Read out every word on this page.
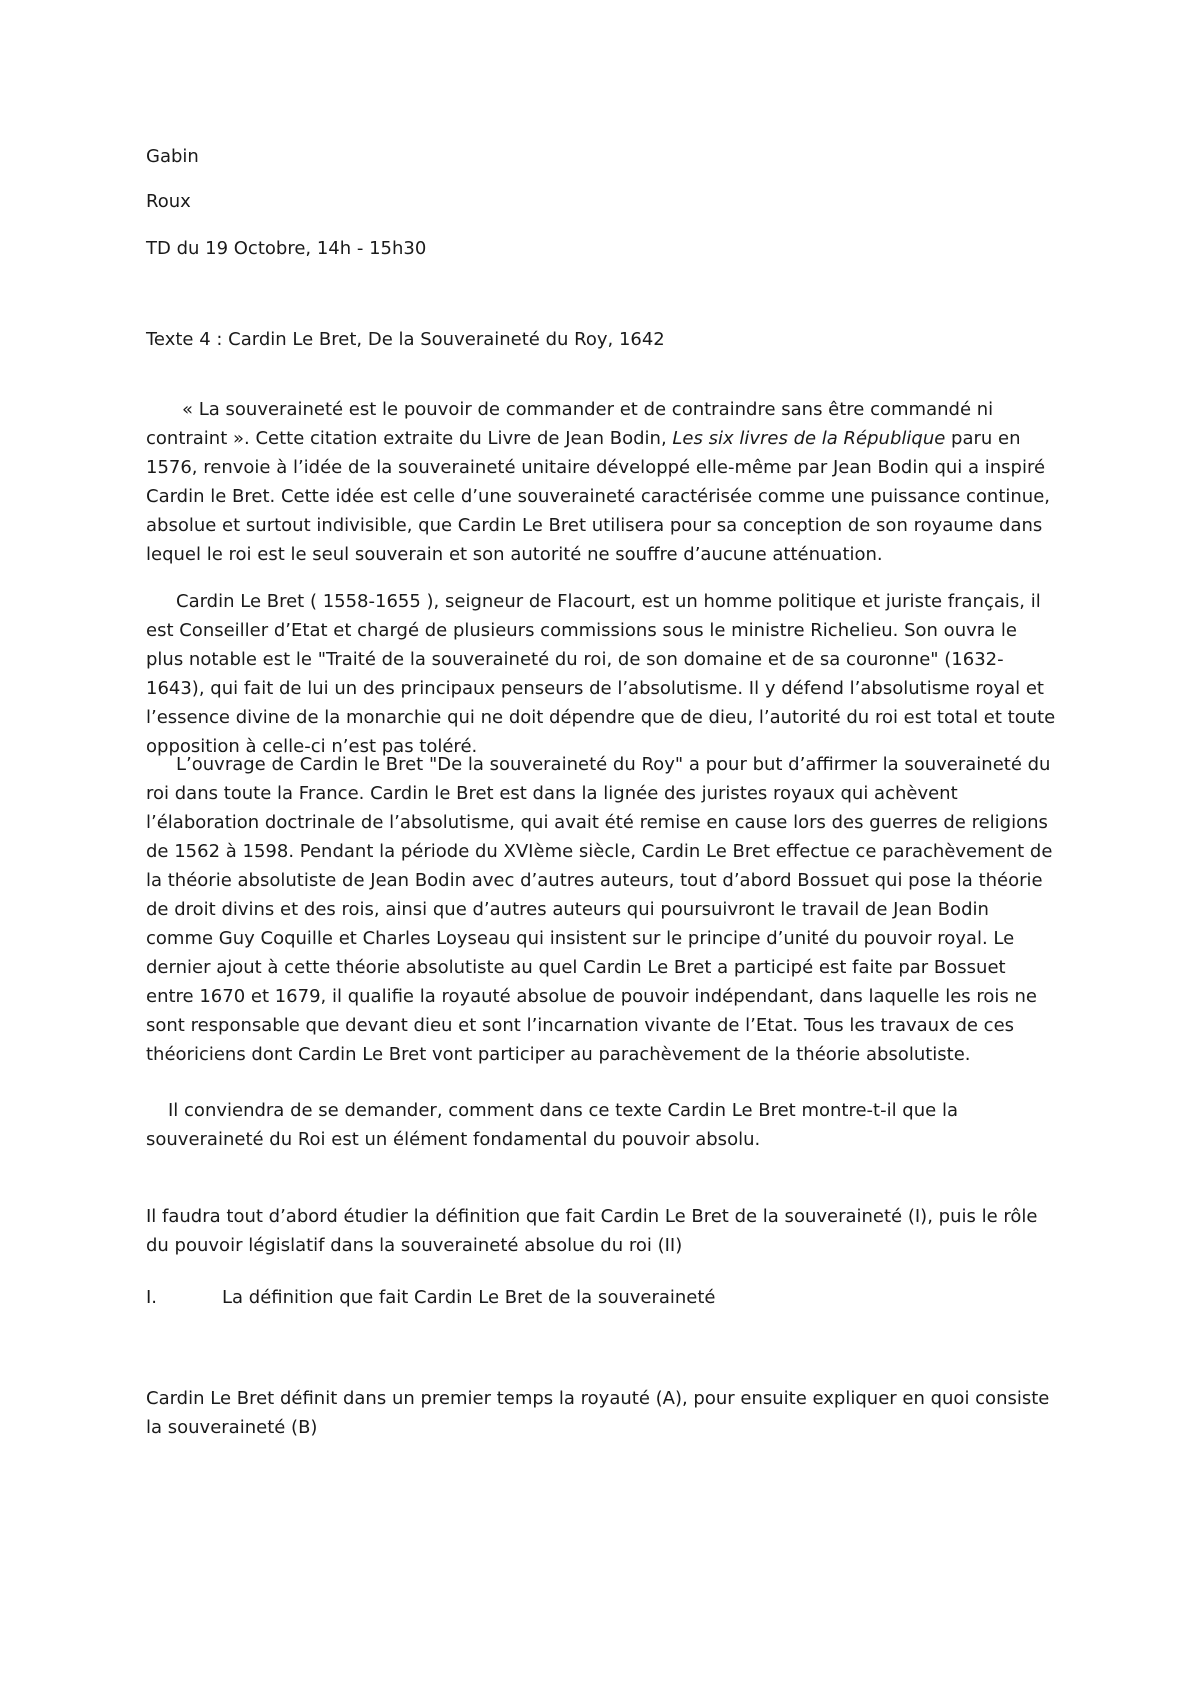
Gabin
Roux
TD du 19 Octobre, 14h - 15h30
Texte 4 : Cardin Le Bret, De la Souveraineté du Roy, 1642

« La souveraineté est le pouvoir de commander et de contraindre sans être commandé ni contraint ». Cette citation extraite du Livre de Jean Bodin, Les six livres de la République paru en 1576, renvoie à l’idée de la souveraineté unitaire développé elle-même par Jean Bodin qui a inspiré Cardin le Bret. Cette idée est celle d’une souveraineté caractérisée comme une puissance continue, absolue et surtout indivisible, que Cardin Le Bret utilisera pour sa conception de son royaume dans lequel le roi est le seul souverain et son autorité ne souffre d’aucune atténuation.

Cardin Le Bret ( 1558-1655 ), seigneur de Flacourt, est un homme politique et juriste français, il est Conseiller d’Etat et chargé de plusieurs commissions sous le ministre Richelieu. Son ouvra le plus notable est le "Traité de la souveraineté du roi, de son domaine et de sa couronne" (1632-1643), qui fait de lui un des principaux penseurs de l’absolutisme. Il y défend l’absolutisme royal et l’essence divine de la monarchie qui ne doit dépendre que de dieu, l’autorité du roi est total et toute opposition à celle-ci n’est pas toléré.

L’ouvrage de Cardin le Bret "De la souveraineté du Roy" a pour but d’affirmer la souveraineté du roi dans toute la France. Cardin le Bret est dans la lignée des juristes royaux qui achèvent l’élaboration doctrinale de l’absolutisme, qui avait été remise en cause lors des guerres de religions de 1562 à 1598. Pendant la période du XVIème siècle, Cardin Le Bret effectue ce parachèvement de la théorie absolutiste de Jean Bodin avec d’autres auteurs, tout d’abord Bossuet qui pose la théorie de droit divins et des rois, ainsi que d’autres auteurs qui poursuivront le travail de Jean Bodin comme Guy Coquille et Charles Loyseau qui insistent sur le principe d’unité du pouvoir royal. Le dernier ajout à cette théorie absolutiste au quel Cardin Le Bret a participé est faite par Bossuet entre 1670 et 1679, il qualifie la royauté absolue de pouvoir indépendant, dans laquelle les rois ne sont responsable que devant dieu et sont l’incarnation vivante de l’Etat. Tous les travaux de ces théoriciens dont Cardin Le Bret vont participer au parachèvement de la théorie absolutiste.

Il conviendra de se demander, comment dans ce texte Cardin Le Bret montre-t-il que la souveraineté du Roi est un élément fondamental du pouvoir absolu.

Il faudra tout d’abord étudier la définition que fait Cardin Le Bret de la souveraineté (I), puis le rôle du pouvoir législatif dans la souveraineté absolue du roi (II)

I.	La définition que fait Cardin Le Bret de la souveraineté

Cardin Le Bret définit dans un premier temps la royauté (A), pour ensuite expliquer en quoi consiste la souveraineté (B)
